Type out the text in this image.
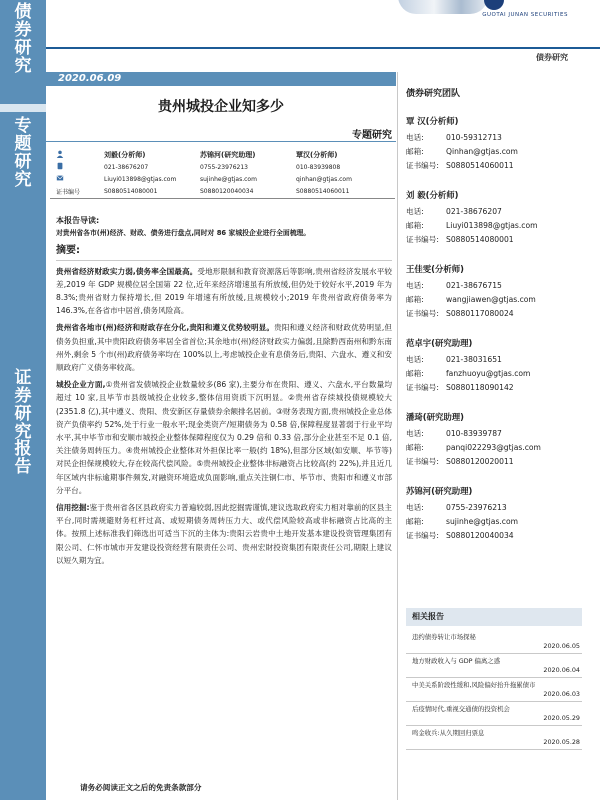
债
券
研
究
专
题
研
究
证
券
研
究
报
告
GUOTAI JUNAN SECURITIES
债券研究
2020.06.09
贵州城投企业知多少
专题研究
刘毅(分析师)	苏锦河(研究助理)	覃汉(分析师)
021-38676207	0755-23976213	010-83939808
Liuyi013898@gtjas.com	sujinhe@gtjas.com	qinhan@gtjas.com
证书编号	S0880514080001	S0880120040034	S0880514060011

本报告导读:

对贵州省各市(州)经济、财政、债务进行盘点,同时对 86 家城投企业进行全面梳理。

摘要:

贵州省经济财政实力弱,债务率全国最高。受地形限制和教育资源落后等影响,贵州省经济发展水平较差,2019 年 GDP 规模位居全国第 22 位,近年来经济增速虽有所放缓,但仍处于较好水平,2019 年为 8.3%;贵州省财力保持增长,但 2019 年增速有所放缓,且规模较小;2019 年贵州省政府债务率为 146.3%,在各省市中居首,债务风险高。

贵州省各地市(州)经济和财政存在分化,贵阳和遵义优势较明显。贵阳和遵义经济和财政优势明显,但债务负担重,其中贵阳政府债务率居全省首位;其余地市(州)经济财政实力偏弱,且除黔西南州和黔东南州外,剩余 5 个市(州)政府债务率均在 100%以上,考虑城投企业有息债务后,贵阳、六盘水、遵义和安顺政府广义债务率较高。

城投企业方面,①贵州省发债城投企业数量较多(86 家),主要分布在贵阳、遵义、六盘水,平台数量均超过 10 家,且毕节市县级城投企业较多,整体信用资质下沉明显。②贵州省存续城投债规模较大(2351.8 亿),其中遵义、贵阳、贵安新区存量债券余额排名居前。③财务表现方面,贵州城投企业总体资产负债率约 52%,处于行业一般水平;现金类资产/短期债务为 0.58 倍,保障程度显著弱于行业平均水平,其中毕节市和安顺市城投企业整体保障程度仅为 0.29 倍和 0.33 倍,部分企业甚至不足 0.1 倍,关注债务周转压力。④贵州城投企业整体对外担保比率一般(约 18%),但部分区域(如安顺、毕节等)对民企担保规模较大,存在较高代偿风险。⑤贵州城投企业整体非标融资占比较高(约 22%),并且近几年区域内非标逾期事件频发,对融资环境造成负面影响,重点关注铜仁市、毕节市、贵阳市和遵义市部分平台。

信用挖掘:鉴于贵州省各区县政府实力普遍较弱,因此挖掘需谨慎,建议选取政府实力相对靠前的区县主平台,同时需规避财务杠杆过高、或短期债务周转压力大、或代偿风险较高或非标融资占比高的主体。按照上述标准我们筛选出可适当下沉的主体为:贵阳云岩贵中土地开发基本建设投资管理集团有限公司、仁怀市城市开发建设投资经营有限责任公司、贵州宏財投资集团有限责任公司,期限上建议以短久期为宜。

债券研究团队
覃 汉(分析师)
电话:	010-59312713
邮箱:	Qinhan@gtjas.com
证书编号: S0880514060011
刘 毅(分析师)
电话:	021-38676207
邮箱:	Liuyi013898@gtjas.com
证书编号: S0880514080001
王佳雯(分析师)
电话:	021-38676715
邮箱:	wangjiawen@gtjas.com
证书编号: S0880117080024
范卓宇(研究助理)
电话:	021-38031651
邮箱:	fanzhuoyu@gtjas.com
证书编号: S0880118090142
潘琦(研究助理)
电话:	010-83939787
邮箱:	panqi022293@gtjas.com
证书编号: S0880120020011
苏锦河(研究助理)
电话:	0755-23976213
邮箱:	sujinhe@gtjas.com
证书编号: S0880120040034
相关报告
违约债券转让市场探秘
2020.06.05
地方财政收入与 GDP 偏离之惑
2020.06.04
中美关系阶段性缓和,风险偏好抬升拖累债市
2020.06.03
后疫情时代,重视交通债的投资机会
2020.05.29
鸣金收兵:从久期回归票息
2020.05.28
请务必阅读正文之后的免责条款部分
